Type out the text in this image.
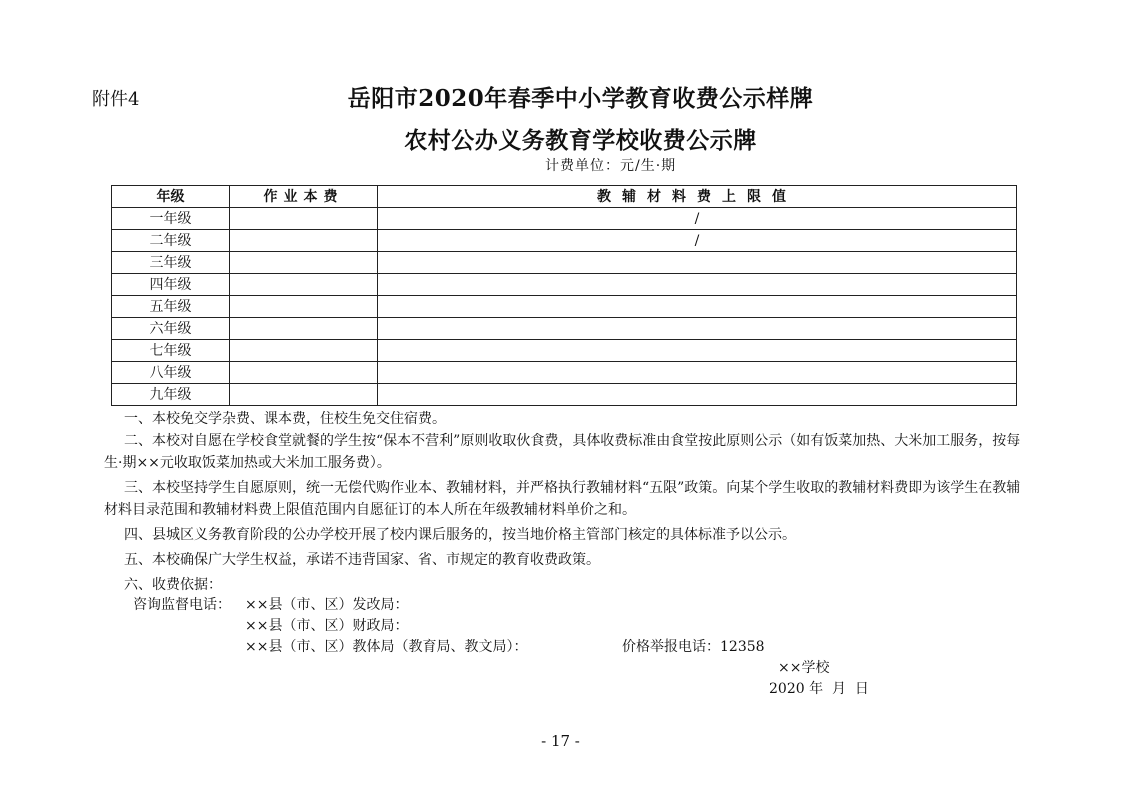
附件4	岳阳市2020年春季中小学教育收费公示样牌
农村公办义务教育学校收费公示牌
计费单位：元/生·期
年级	作业本费	教辅材料费上限值
一年级		/
二年级		/
三年级		
四年级		
五年级		
六年级		
七年级		
八年级		
九年级		

一、本校免交学杂费、课本费，住校生免交住宿费。

二、本校对自愿在学校食堂就餐的学生按“保本不营利”原则收取伙食费，具体收费标准由食堂按此原则公示（如有饭菜加热、大米加工服务，按每生·期××元收取饭菜加热或大米加工服务费）。

三、本校坚持学生自愿原则，统一无偿代购作业本、教辅材料，并严格执行教辅材料“五限”政策。向某个学生收取的教辅材料费即为该学生在教辅材料目录范围和教辅材料费上限值范围内自愿征订的本人所在年级教辅材料单价之和。

四、县城区义务教育阶段的公办学校开展了校内课后服务的，按当地价格主管部门核定的具体标准予以公示。

五、本校确保广大学生权益，承诺不违背国家、省、市规定的教育收费政策。

六、收费依据：

咨询监督电话： ××县（市、区）发改局：
××县（市、区）财政局：
××县（市、区）教体局（教育局、教文局）：	价格举报电话：12358
××学校
2020 年  月  日
- 17 -
